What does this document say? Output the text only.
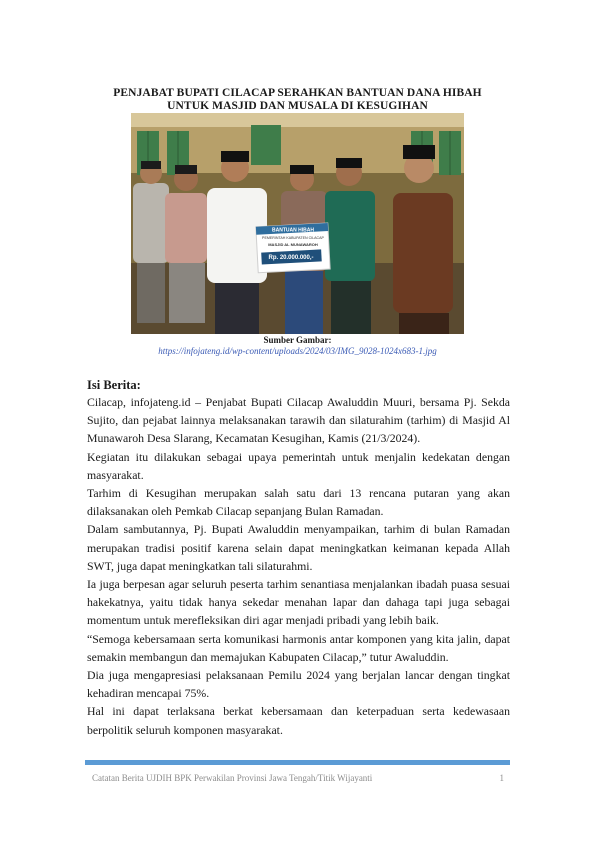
PENJABAT BUPATI CILACAP SERAHKAN BANTUAN DANA HIBAH
UNTUK MASJID DAN MUSALA DI KESUGIHAN
BANTUAN HIBAH
PEMERINTAH KABUPATEN CILACAP
MASJID AL MUNAWAROH
Rp. 20.000.000,-
Sumber Gambar:
https://infojateng.id/wp-content/uploads/2024/03/IMG_9028-1024x683-1.jpg
Isi Berita:

Cilacap, infojateng.id – Penjabat Bupati Cilacap Awaluddin Muuri, bersama Pj. Sekda Sujito, dan pejabat lainnya melaksanakan tarawih dan silaturahim (tarhim) di Masjid Al Munawaroh Desa Slarang, Kecamatan Kesugihan, Kamis (21/3/2024).

Kegiatan itu dilakukan sebagai upaya pemerintah untuk menjalin kedekatan dengan masyarakat.

Tarhim di Kesugihan merupakan salah satu dari 13 rencana putaran yang akan dilaksanakan oleh Pemkab Cilacap sepanjang Bulan Ramadan.

Dalam sambutannya, Pj. Bupati Awaluddin menyampaikan, tarhim di bulan Ramadan merupakan tradisi positif karena selain dapat meningkatkan keimanan kepada Allah SWT, juga dapat meningkatkan tali silaturahmi.

Ia juga berpesan agar seluruh peserta tarhim senantiasa menjalankan ibadah puasa sesuai hakekatnya, yaitu tidak hanya sekedar menahan lapar dan dahaga tapi juga sebagai momentum untuk merefleksikan diri agar menjadi pribadi yang lebih baik.

“Semoga kebersamaan serta komunikasi harmonis antar komponen yang kita jalin, dapat semakin membangun dan memajukan Kabupaten Cilacap,” tutur Awaluddin.

Dia juga mengapresiasi pelaksanaan Pemilu 2024 yang berjalan lancar dengan tingkat kehadiran mencapai 75%.

Hal ini dapat terlaksana berkat kebersamaan dan keterpaduan serta kedewasaan berpolitik seluruh komponen masyarakat.

Catatan Berita UJDIH BPK Perwakilan Provinsi Jawa Tengah/Titik Wijayanti	1
